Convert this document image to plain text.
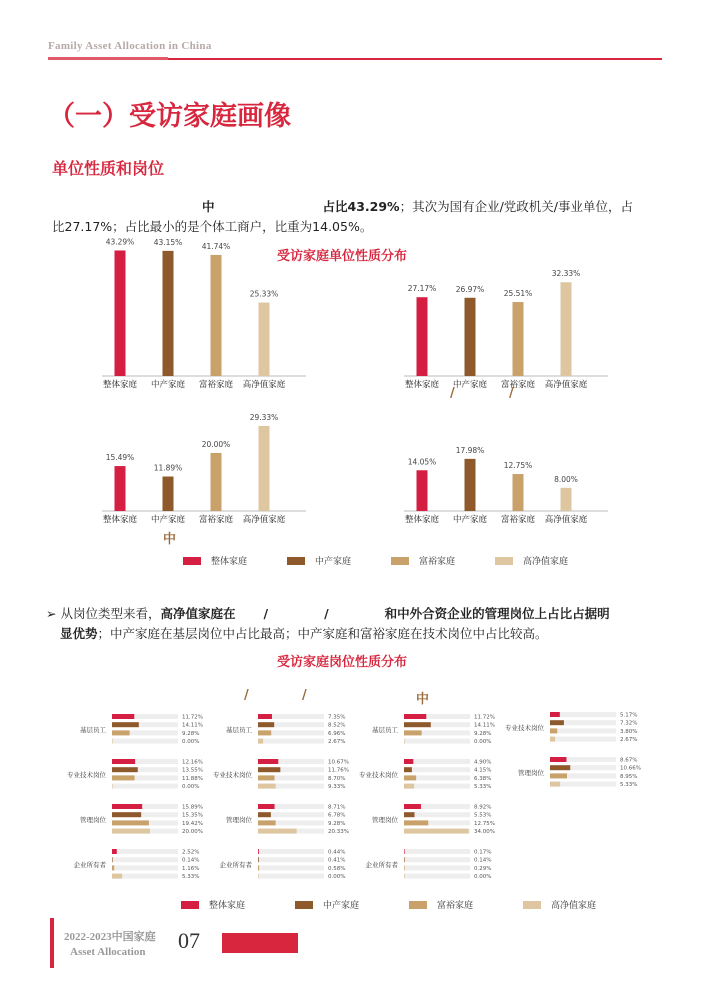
Family Asset Allocation in China
（一）受访家庭画像
单位性质和岗位
中	占比43.29%；其次为国有企业/党政机关/事业单位，占
比27.17%；占比最小的是个体工商户，比重为14.05%。
受访家庭单位性质分布
43.29%
整体家庭
43.15%
中产家庭
41.74%
富裕家庭
25.33%
高净值家庭
27.17%
整体家庭
26.97%
中产家庭
25.51%
富裕家庭
32.33%
高净值家庭
15.49%
整体家庭
11.89%
中产家庭
20.00%
富裕家庭
29.33%
高净值家庭
14.05%
整体家庭
17.98%
中产家庭
12.75%
富裕家庭
8.00%
高净值家庭
/	/
中
整体家庭	中产家庭	富裕家庭	高净值家庭
➢ 从岗位类型来看，高净值家庭在 /	/	和中外合资企业的管理岗位上占比占据明
显优势；中产家庭在基层岗位中占比最高；中产家庭和富裕家庭在技术岗位中占比较高。
受访家庭岗位性质分布
/	/	中
基层员工
11.72%
14.11%
9.28%
0.00%
专业技术岗位
12.16%
13.55%
11.88%
0.00%
管理岗位
15.89%
15.35%
19.42%
20.00%
企业所有者
2.52%
0.14%
1.16%
5.33%
基层员工
7.35%
8.52%
6.96%
2.67%
专业技术岗位
10.67%
11.76%
8.70%
9.33%
管理岗位
8.71%
6.78%
9.28%
20.33%
企业所有者
0.44%
0.41%
0.58%
0.00%
基层员工
11.72%
14.11%
9.28%
0.00%
专业技术岗位
4.90%
4.15%
6.38%
5.33%
管理岗位
8.92%
5.53%
12.75%
34.00%
企业所有者
0.17%
0.14%
0.29%
0.00%
专业技术岗位
5.17%
7.32%
3.80%
2.67%
管理岗位
8.67%
10.66%
8.95%
5.33%
整体家庭	中产家庭	富裕家庭	高净值家庭
2022-2023中国家庭
Asset Allocation	07
